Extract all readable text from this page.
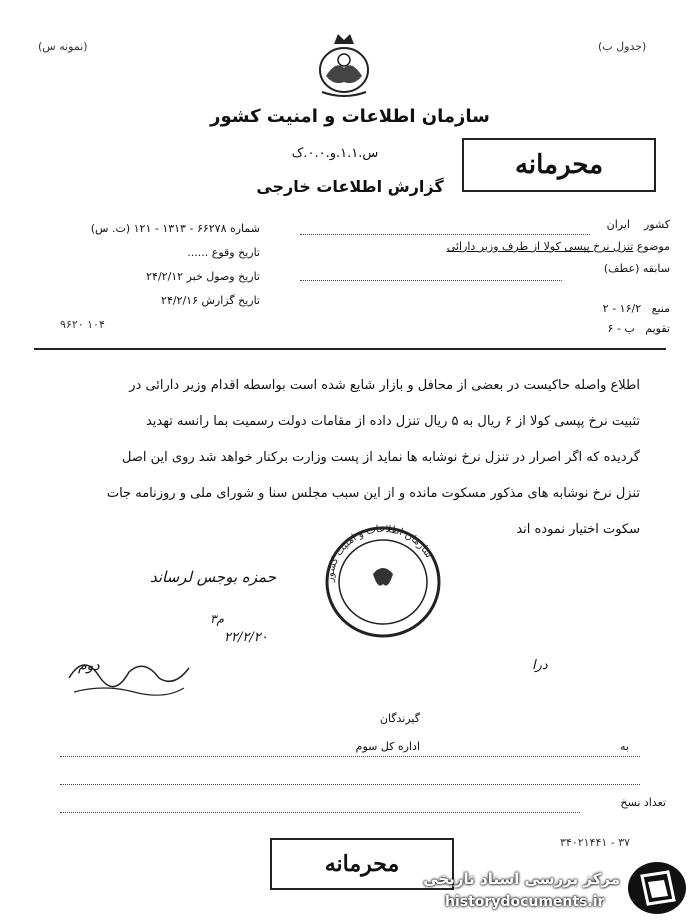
(نمونه س)	(جدول ب)
سازمان اطلاعات و امنیت کشور
س.۱.۱.و.۰.۰.ک	محرمانه
گزارش اطلاعات خارجی
شماره ۶۶۲۷۸ - ۱۳۱۳ - ۱۲۱ (ت. س)
تاریخ وقوع ......
تاریخ وصول خبر ۲۴/۲/۱۲
تاریخ گزارش ۲۴/۲/۱۶
۹۶۲۰ ۱۰۴
کشور    ایران
موضوع تنزل نرخ پپسی کولا از طرف وزیر دارائی
سابقه (عطف)
منبع   ۱۶/۲ - ۲
تقویم   ب - ۶
اطلاع واصله حاکیست در بعضی از محافل و بازار شایع شده است بواسطه اقدام وزیر دارائی در
تثبیت نرخ پپسی کولا از ۶ ریال به ۵ ریال تنزل داده از مقامات دولت رسمیت بما رانسه تهدید
گردیده که اگر اصرار در تنزل نرخ نوشابه ها نماید از پست وزارت برکنار خواهد شد روی این اصل
تنزل نرخ نوشابه های مذکور مسکوت مانده و از این سبب مجلس سنا و شورای ملی و روزنامه جات
سکوت اختیار نموده اند
حمزه بوجس لرساند	سازمان اطلاعات و امنیت کشور
۳م
۲۲/۲/۲۰
دوم	درا
گیرندگان
به
اداره کل سوم
تعداد نسخ
محرمانه
۳۴۰۲۱۴۴۱ - ۳۷
مرکز بررسی اسناد تاریخی
historydocuments.ir
